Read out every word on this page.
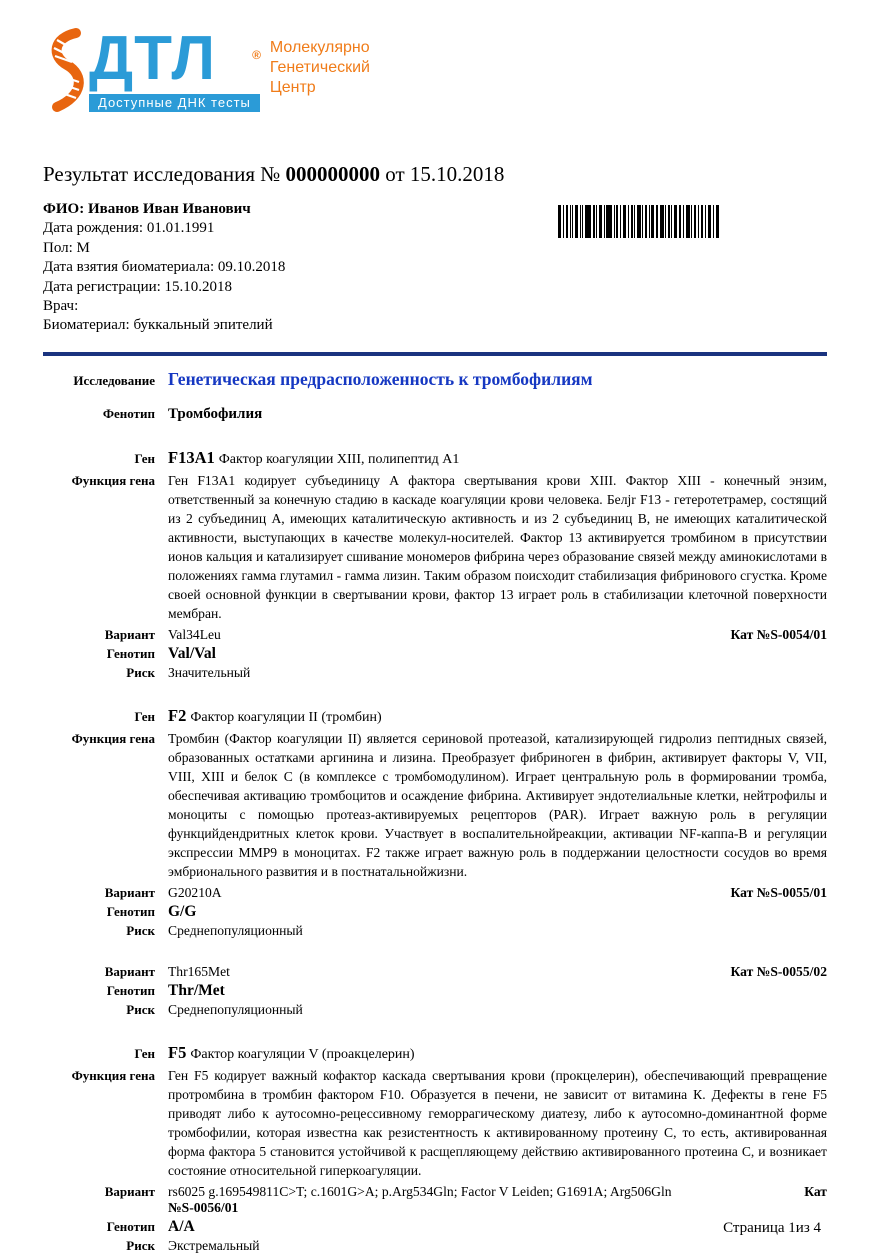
ДТЛ	®
Доступные ДНК тесты
Молекулярно
Генетический
Центр
Результат исследования № 000000000 от 15.10.2018
ФИО: Иванов Иван Иванович
Дата рождения: 01.01.1991
Пол: М
Дата взятия биоматериала: 09.10.2018
Дата регистрации: 15.10.2018
Врач:
Биоматериал: буккальный эпителий
Исследование Генетическая предрасположенность к тромбофилиям
Фенотип Тромбофилия
Ген F13A1 Фактор коагуляции XIII, полипептид А1
Функция гена Ген F13A1 кодирует субъединицу А фактора свертывания крови XIII. Фактор XIII - конечный энзим, ответственный за конечную стадию в каскаде коагуляции крови человека. Белjr F13 - гетеротетрамер, состящий из 2 субъединиц А, имеющих каталитическую активность и из 2 субъединиц В, не имеющих каталитической активности, выступающих в качестве молекул-носителей. Фактор 13 активируется тромбином в присутствии ионов кальция и катализирует сшивание мономеров фибрина через образование связей между аминокислотами в положениях гамма глутамил - гамма лизин. Таким образом поисходит стабилизация фибринового сгустка. Кроме своей основной функции в свертывании крови, фактор 13 играет роль в стабилизации клеточной поверхности мембран.
Вариант Val34Leu	Кат №S-0054/01
Генотип Val/Val
Риск Значительный
Ген F2 Фактор коагуляции II (тромбин)
Функция гена Тромбин (Фактор коагуляции II) является сериновой протеазой, катализирующей гидролиз пептидных связей, образованных остатками аргинина и лизина. Преобразует фибриноген в фибрин, активирует факторы V, VII, VIII, XIII и белок С (в комплексе с тромбомодулином). Играет центральную роль в формировании тромба, обеспечивая активацию тромбоцитов и осаждение фибрина. Активирует эндотелиальные клетки, нейтрофилы и моноциты с помощью протеаз-активируемых рецепторов (PAR). Играет важную роль в регуляции функцийдендритных клеток крови. Участвует в воспалительнойреакции, активации NF-каппа-В и регуляции экспрессии MMP9 в моноцитах. F2 также играет важную роль в поддержании целостности сосудов во время эмбрионального развития и в постнатальнойжизни.
Вариант G20210A	Кат №S-0055/01
Генотип G/G
Риск Среднепопуляционный
Вариант Thr165Met	Кат №S-0055/02
Генотип Thr/Met
Риск Среднепопуляционный
Ген F5 Фактор коагуляции V (проакцелерин)
Функция гена Ген F5 кодирует важный кофактор каскада свертывания крови (прокцелерин), обеспечивающий превращение протромбина в тромбин фактором F10. Образуется в печени, не зависит от витамина К. Дефекты в гене F5 приводят либо к аутосомно-рецессивному геморрагическому диатезу, либо к аутосомно-доминантной форме тромбофилии, которая известна как резистентность к активированному протеину С, то есть, активированная форма фактора 5 становится устойчивой к расщепляющему действию активированного протеина С, и возникает состояние относительной гиперкоагуляции.
Вариант rs6025 g.169549811C>T; c.1601G>A; p.Arg534Gln; Factor V Leiden; G1691A; Arg506Gln	Кат
№S-0056/01
Генотип A/A
Риск Экстремальный
Страница 1из 4
